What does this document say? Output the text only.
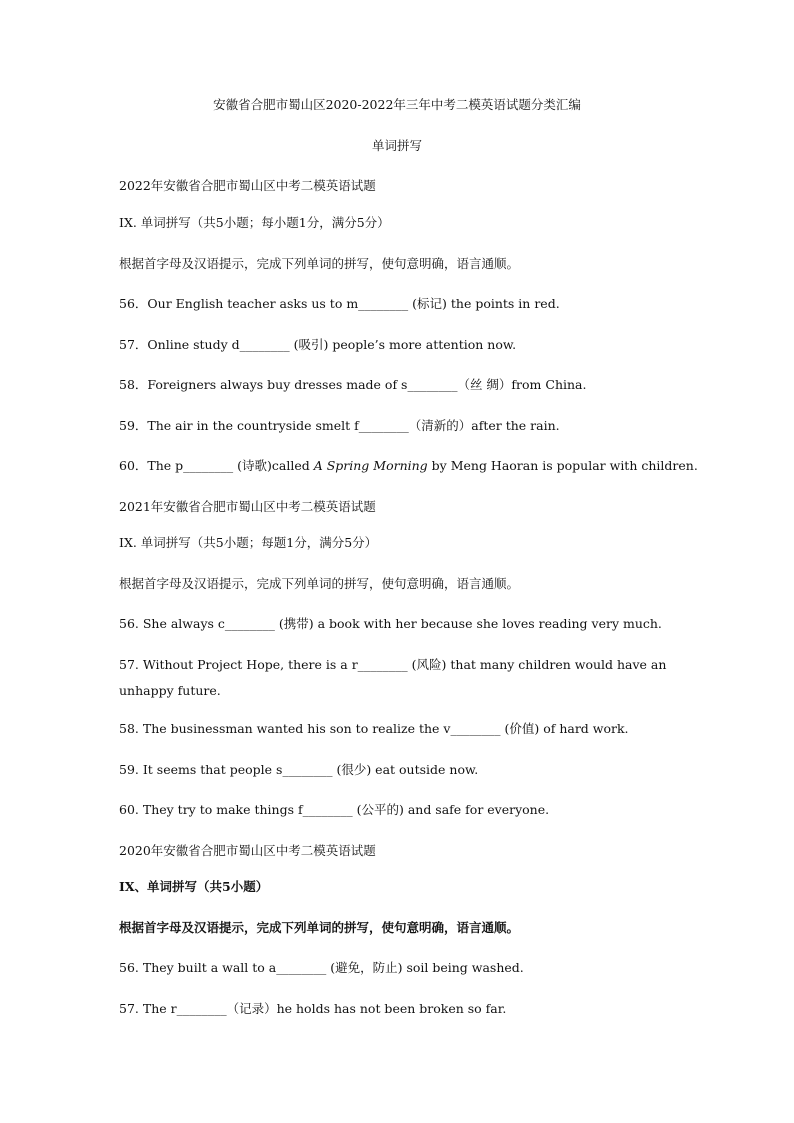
安徽省合肥市蜀山区2020-2022年三年中考二模英语试题分类汇编
单词拼写
2022年安徽省合肥市蜀山区中考二模英语试题
IX. 单词拼写（共5小题；每小题1分，满分5分）
根据首字母及汉语提示，完成下列单词的拼写，使句意明确，语言通顺。
56．Our English teacher asks us to m________ (标记) the points in red.
57．Online study d________ (吸引) people’s more attention now.
58．Foreigners always buy dresses made of s________（丝 绸）from China.
59．The air in the countryside smelt f________（清新的）after the rain.
60．The p________ (诗歌)called A Spring Morning by Meng Haoran is popular with children.
2021年安徽省合肥市蜀山区中考二模英语试题
IX. 单词拼写（共5小题；每题1分，满分5分）
根据首字母及汉语提示，完成下列单词的拼写，使句意明确，语言通顺。
56. She always c________ (携带) a book with her because she loves reading very much.
57. Without Project Hope, there is a r________ (风险) that many children would have an unhappy future.
58. The businessman wanted his son to realize the v________ (价值) of hard work.
59. It seems that people s________ (很少) eat outside now.
60. They try to make things f________ (公平的) and safe for everyone.
2020年安徽省合肥市蜀山区中考二模英语试题
IX、单词拼写（共5小题）
根据首字母及汉语提示，完成下列单词的拼写，使句意明确，语言通顺。
56. They built a wall to a________ (避免，防止) soil being washed.
57. The r________（记录）he holds has not been broken so far.
